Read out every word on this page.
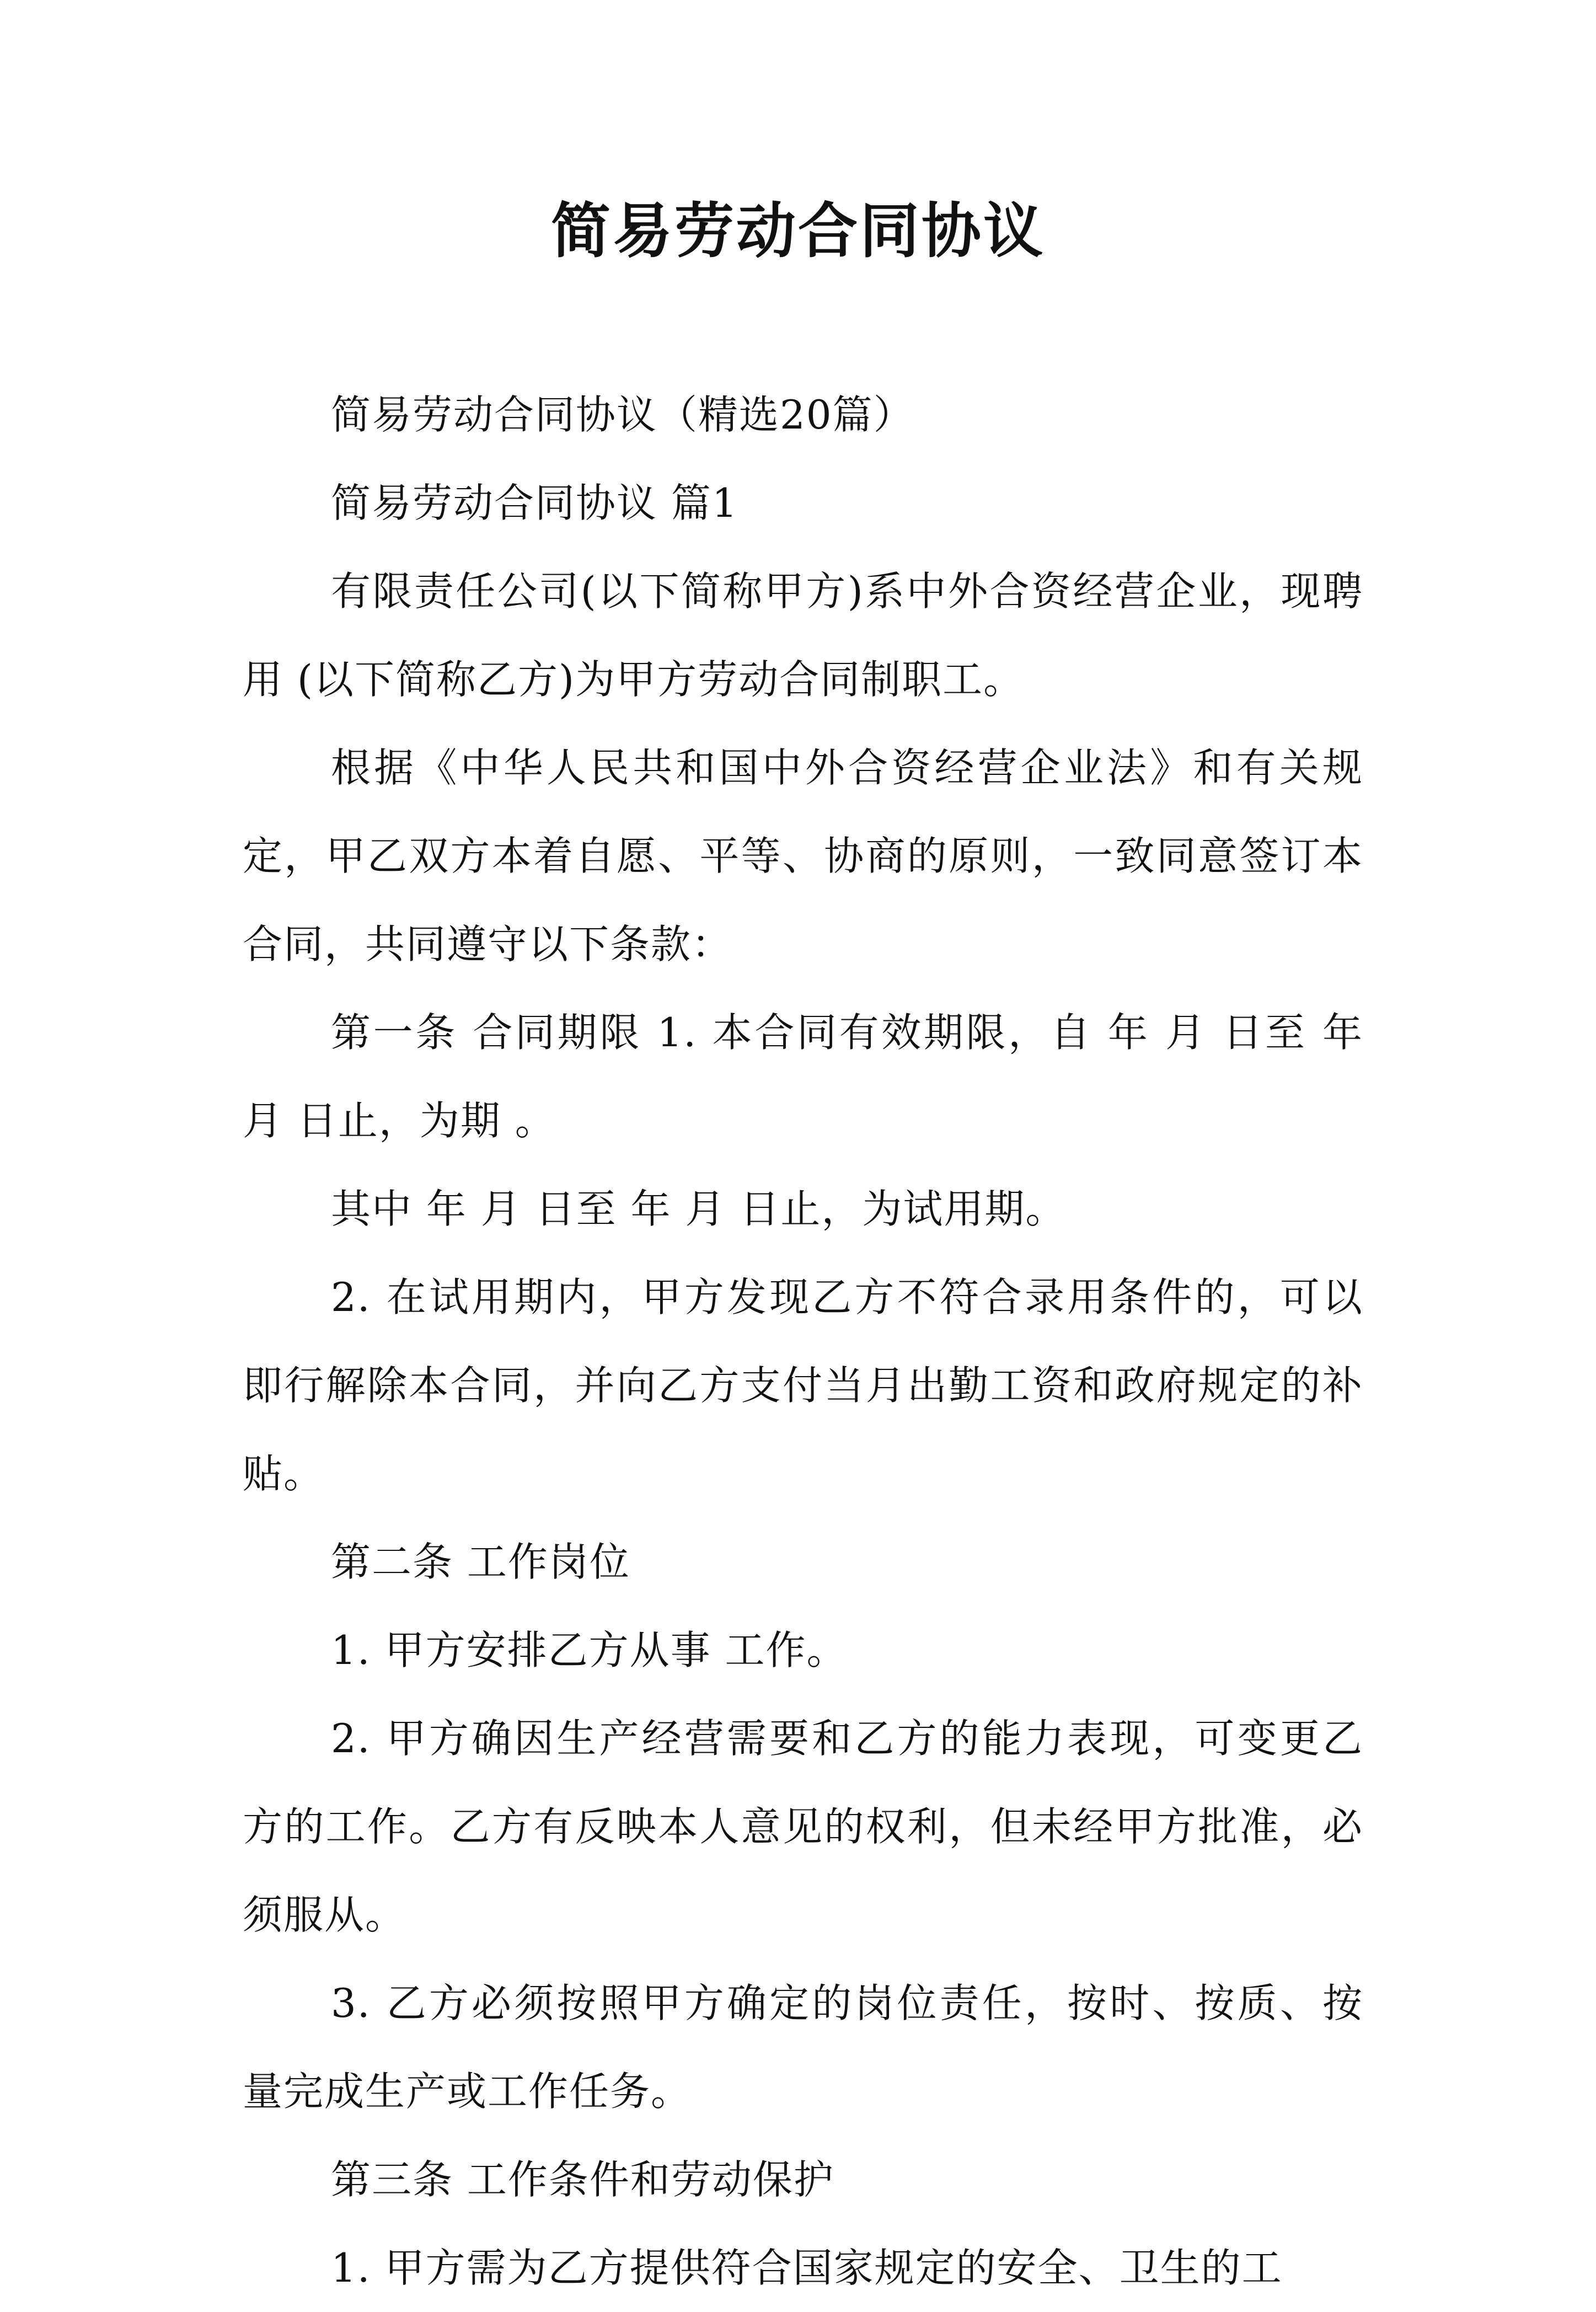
简易劳动合同协议

简易劳动合同协议（精选20篇）

简易劳动合同协议 篇1

有限责任公司(以下简称甲方)系中外合资经营企业，现聘用 (以下简称乙方)为甲方劳动合同制职工。

根据《中华人民共和国中外合资经营企业法》和有关规定，甲乙双方本着自愿、平等、协商的原则，一致同意签订本合同，共同遵守以下条款：

第一条 合同期限 1. 本合同有效期限，自 年 月 日至 年 月 日止，为期 。

其中 年 月 日至 年 月 日止，为试用期。

2. 在试用期内，甲方发现乙方不符合录用条件的，可以即行解除本合同，并向乙方支付当月出勤工资和政府规定的补贴。

第二条 工作岗位

1. 甲方安排乙方从事 工作。

2. 甲方确因生产经营需要和乙方的能力表现，可变更乙方的工作。乙方有反映本人意见的权利，但未经甲方批准，必须服从。

3. 乙方必须按照甲方确定的岗位责任，按时、按质、按量完成生产或工作任务。

第三条 工作条件和劳动保护

1. 甲方需为乙方提供符合国家规定的安全、卫生的工
